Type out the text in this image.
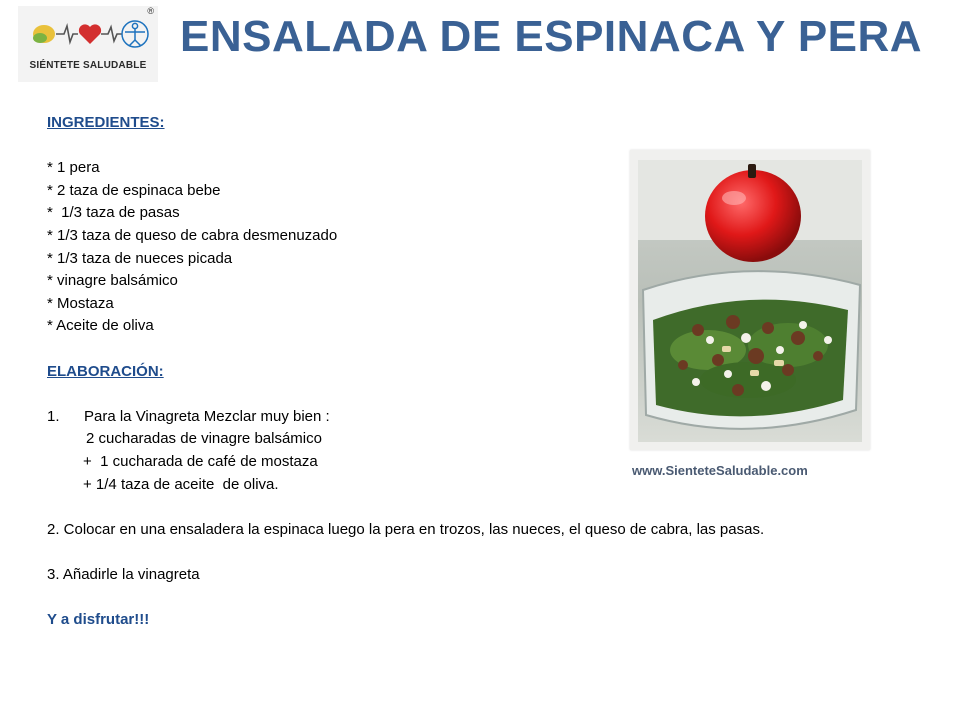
®
SIÉNTETE SALUDABLE
ENSALADA DE ESPINACA Y PERA
INGREDIENTES:
* 1 pera
* 2 taza de espinaca bebe
*  1/3 taza de pasas
* 1/3 taza de queso de cabra desmenuzado
* 1/3 taza de nueces picada
* vinagre balsámico
* Mostaza
* Aceite de oliva
ELABORACIÓN:
1.	Para la Vinagreta Mezclar muy bien :
2 cucharadas de vinagre balsámico
+  1 cucharada de café de mostaza
+ 1/4 taza de aceite  de oliva.
2. Colocar en una ensaladera la espinaca luego la pera en trozos, las nueces, el queso de cabra, las pasas.
3. Añadirle la vinagreta
Y a disfrutar!!!
www.SienteteSaludable.com
